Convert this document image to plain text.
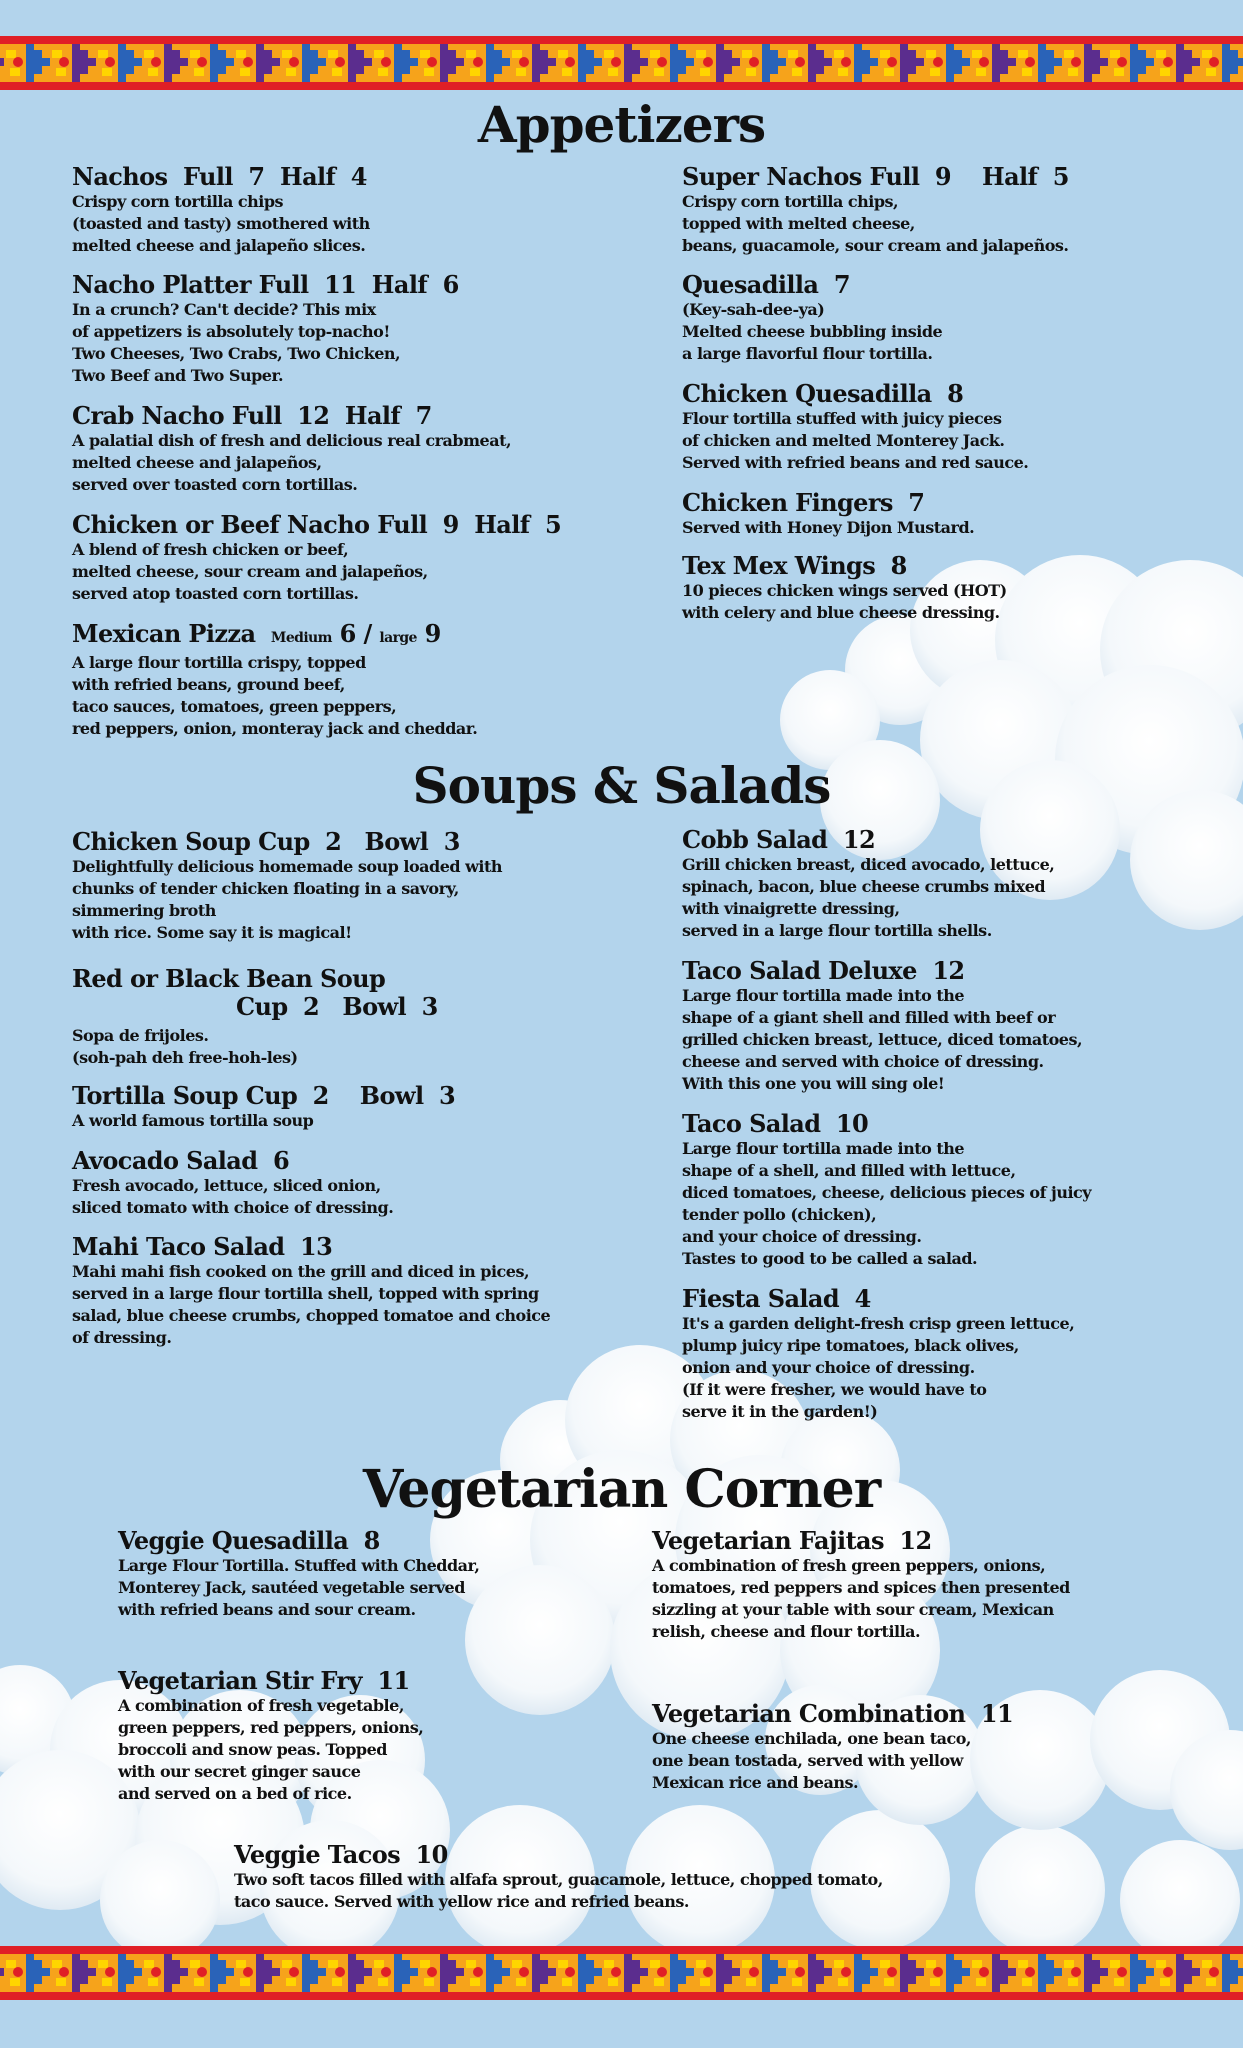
Appetizers
Nachos  Full  7  Half  4
Crispy corn tortilla chips
(toasted and tasty) smothered with
melted cheese and jalapeño slices.
Nacho Platter Full  11  Half  6
In a crunch? Can't decide? This mix
of appetizers is absolutely top-nacho!
Two Cheeses, Two Crabs, Two Chicken,
Two Beef and Two Super.
Crab Nacho Full  12  Half  7
A palatial dish of fresh and delicious real crabmeat,
melted cheese and jalapeños,
served over toasted corn tortillas.
Chicken or Beef Nacho Full  9  Half  5
A blend of fresh chicken or beef,
melted cheese, sour cream and jalapeños,
served atop toasted corn tortillas.
Mexican Pizza Medium 6 / large 9
A large flour tortilla crispy, topped
with refried beans, ground beef,
taco sauces, tomatoes, green peppers,
red peppers, onion, monteray jack and cheddar.
Super Nachos Full  9    Half  5
Crispy corn tortilla chips,
topped with melted cheese,
beans, guacamole, sour cream and jalapeños.
Quesadilla  7
(Key-sah-dee-ya)
Melted cheese bubbling inside
a large flavorful flour tortilla.
Chicken Quesadilla  8
Flour tortilla stuffed with juicy pieces
of chicken and melted Monterey Jack.
Served with refried beans and red sauce.
Chicken Fingers  7
Served with Honey Dijon Mustard.
Tex Mex Wings  8
10 pieces chicken wings served (HOT)
with celery and blue cheese dressing.
Soups & Salads
Chicken Soup Cup  2   Bowl  3
Delightfully delicious homemade soup loaded with
chunks of tender chicken floating in a savory,
simmering broth
with rice. Some say it is magical!
Red or Black Bean Soup
Cup  2   Bowl  3
Sopa de frijoles.
(soh-pah deh free-hoh-les)
Tortilla Soup Cup  2    Bowl  3
A world famous tortilla soup
Avocado Salad  6
Fresh avocado, lettuce, sliced onion,
sliced tomato with choice of dressing.
Mahi Taco Salad  13
Mahi mahi fish cooked on the grill and diced in pices,
served in a large flour tortilla shell, topped with spring
salad, blue cheese crumbs, chopped tomatoe and choice
of dressing.
Cobb Salad  12
Grill chicken breast, diced avocado, lettuce,
spinach, bacon, blue cheese crumbs mixed
with vinaigrette dressing,
served in a large flour tortilla shells.
Taco Salad Deluxe  12
Large flour tortilla made into the
shape of a giant shell and filled with beef or
grilled chicken breast, lettuce, diced tomatoes,
cheese and served with choice of dressing.
With this one you will sing ole!
Taco Salad  10
Large flour tortilla made into the
shape of a shell, and filled with lettuce,
diced tomatoes, cheese, delicious pieces of juicy
tender pollo (chicken),
and your choice of dressing.
Tastes to good to be called a salad.
Fiesta Salad  4
It's a garden delight-fresh crisp green lettuce,
plump juicy ripe tomatoes, black olives,
onion and your choice of dressing.
(If it were fresher, we would have to
serve it in the garden!)
Vegetarian Corner
Veggie Quesadilla  8
Large Flour Tortilla. Stuffed with Cheddar,
Monterey Jack, sautéed vegetable served
with refried beans and sour cream.
Vegetarian Stir Fry  11
A combination of fresh vegetable,
green peppers, red peppers, onions,
broccoli and snow peas. Topped
with our secret ginger sauce
and served on a bed of rice.
Vegetarian Fajitas  12
A combination of fresh green peppers, onions,
tomatoes, red peppers and spices then presented
sizzling at your table with sour cream, Mexican
relish, cheese and flour tortilla.
Vegetarian Combination  11
One cheese enchilada, one bean taco,
one bean tostada, served with yellow
Mexican rice and beans.
Veggie Tacos  10
Two soft tacos filled with alfafa sprout, guacamole, lettuce, chopped tomato,
taco sauce. Served with yellow rice and refried beans.
